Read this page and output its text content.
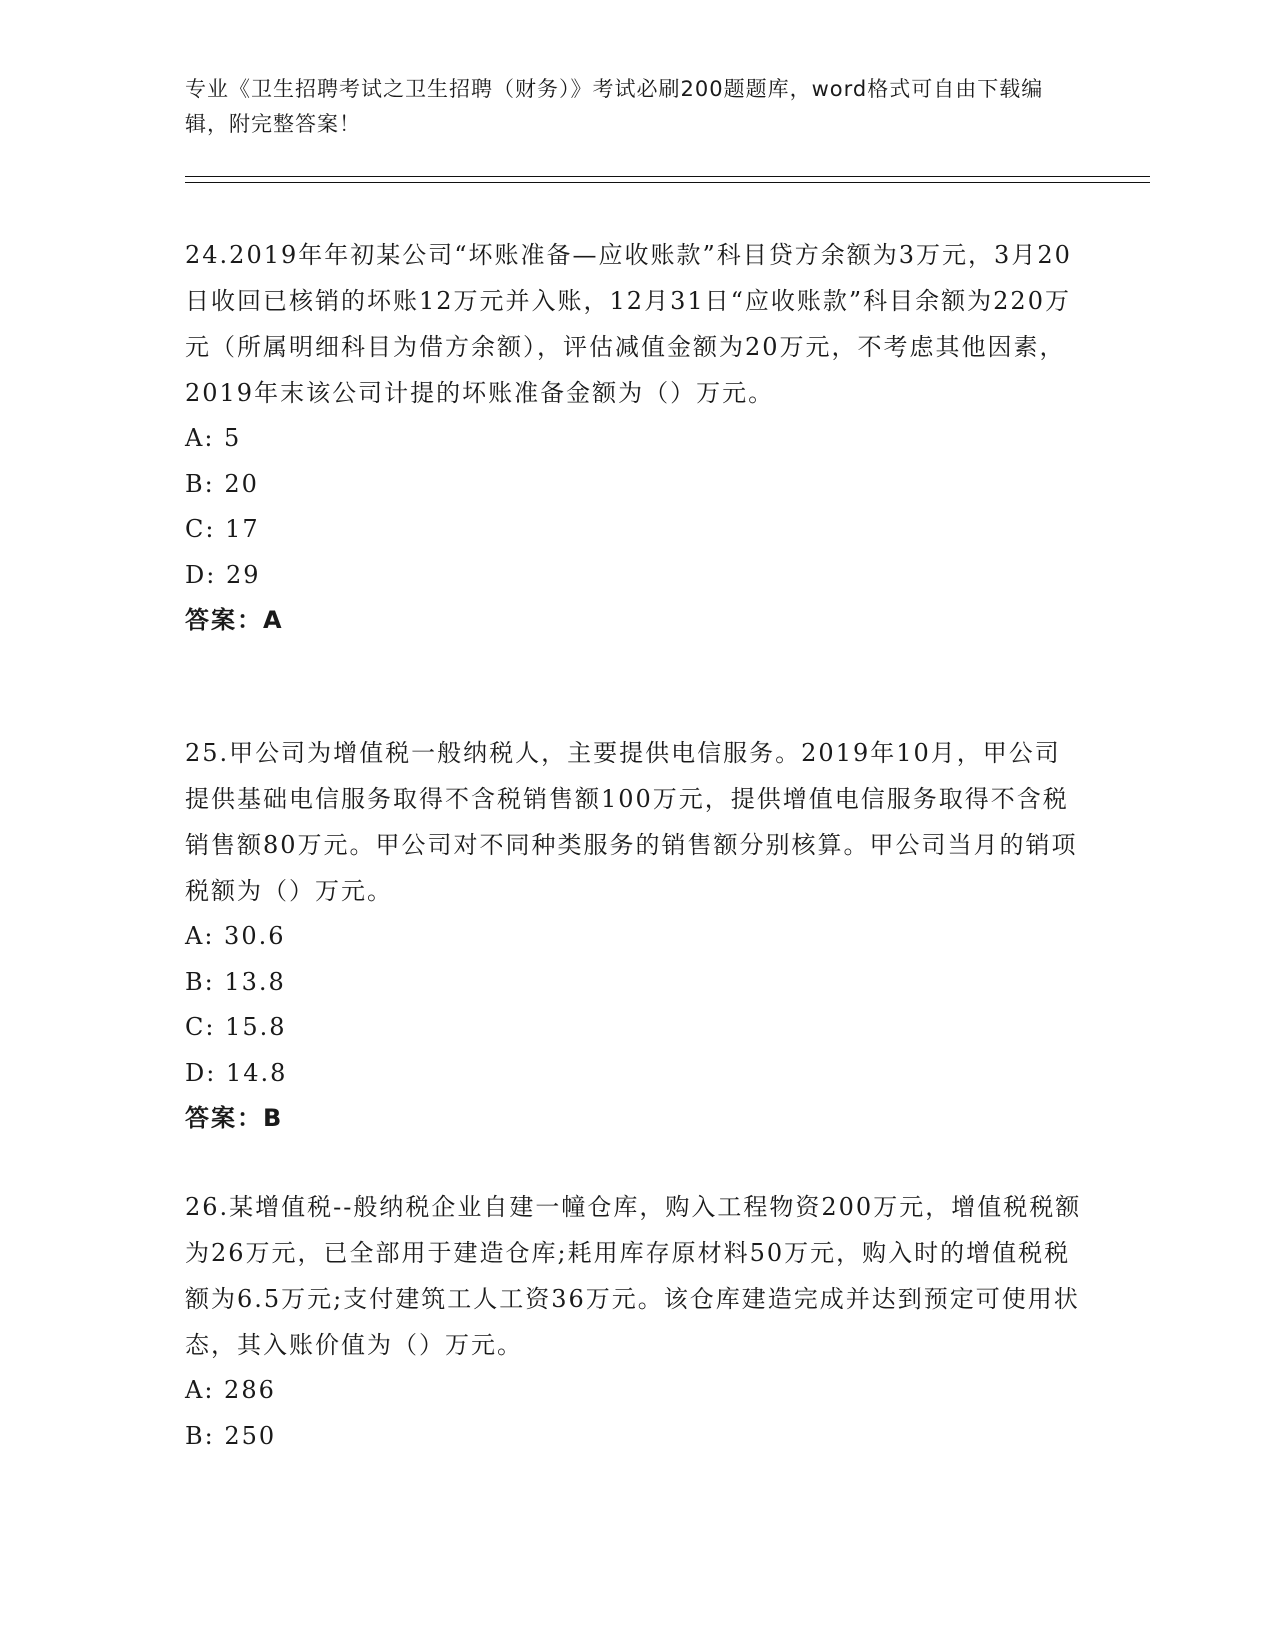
专业《卫生招聘考试之卫生招聘（财务）》考试必刷200题题库，word格式可自由下载编辑，附完整答案！

24.2019年年初某公司“坏账准备—应收账款”科目贷方余额为3万元，3月20日收回已核销的坏账12万元并入账，12月31日“应收账款”科目余额为220万元（所属明细科目为借方余额），评估减值金额为20万元，不考虑其他因素，2019年末该公司计提的坏账准备金额为（）万元。

A: 5

B: 20

C: 17

D: 29

答案：A

25.甲公司为增值税一般纳税人，主要提供电信服务。2019年10月，甲公司提供基础电信服务取得不含税销售额100万元，提供增值电信服务取得不含税销售额80万元。甲公司对不同种类服务的销售额分别核算。甲公司当月的销项税额为（）万元。

A: 30.6

B: 13.8

C: 15.8

D: 14.8

答案：B

26.某增值税--般纳税企业自建一幢仓库，购入工程物资200万元，增值税税额为26万元，已全部用于建造仓库;耗用库存原材料50万元，购入时的增值税税额为6.5万元;支付建筑工人工资36万元。该仓库建造完成并达到预定可使用状态，其入账价值为（）万元。

A: 286

B: 250
